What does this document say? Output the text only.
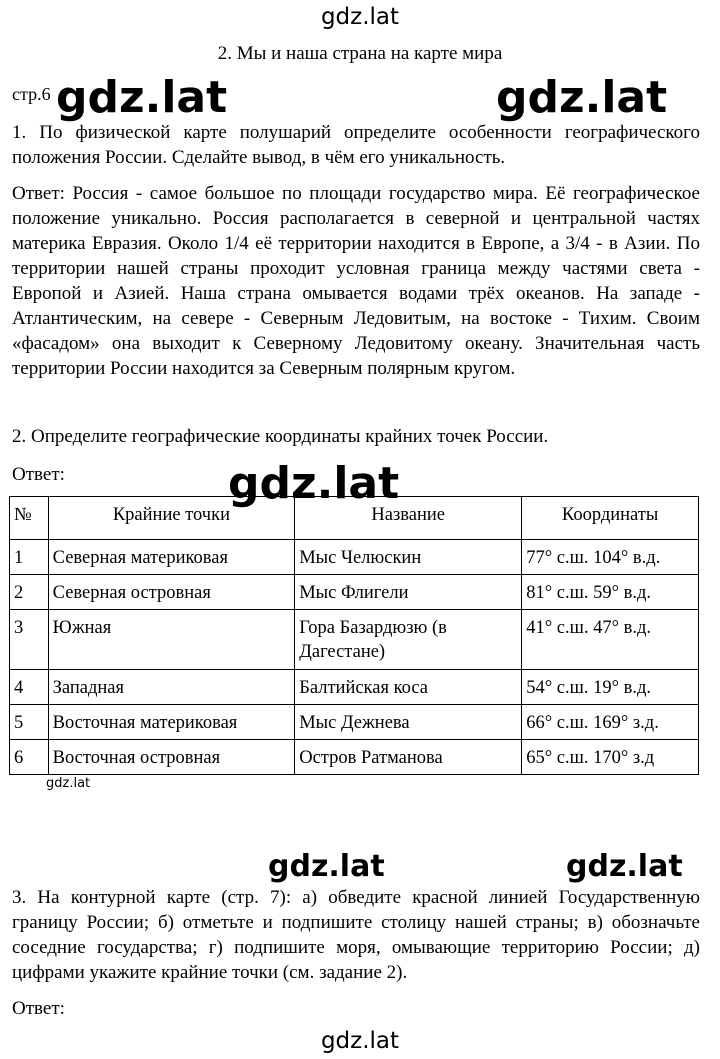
gdz.lat
2. Мы и наша страна на карте мира
стр.6 gdz.lat	gdz.lat
1. По физической карте полушарий определите особенности географического положения России. Сделайте вывод, в чём его уникальность.
Ответ: Россия - самое большое по площади государство мира. Её географическое положение уникально. Россия располагается в северной и центральной частях материка Евразия. Около 1/4 её территории находится в Европе, а 3/4 - в Азии. По территории нашей страны проходит условная граница между частями света - Европой и Азией. Наша страна омывается водами трёх океанов. На западе - Атлантическим, на севере - Северным Ледовитым, на востоке - Тихим. Своим «фасадом» она выходит к Северному Ледовитому океану. Значительная часть территории России находится за Северным полярным кругом.
2. Определите географические координаты крайних точек России.
Ответ:
№	Крайние точки	Название	Координаты
1	Северная материковая	Мыс Челюскин	77° с.ш. 104° в.д.
2	Северная островная	Мыс Флигели	81° с.ш. 59° в.д.
3	Южная	Гора Базардюзю (в Дагестане)	41° с.ш. 47° в.д.
4	Западная	Балтийская коса	54° с.ш. 19° в.д.
5	Восточная материковая	Мыс Дежнева	66° с.ш. 169° з.д.
6	Восточная островная	Остров Ратманова	65° с.ш. 170° з.д
gdz.lat
gdz.lat
gdz.lat	gdz.lat
3. На контурной карте (стр. 7): а) обведите красной линией Государственную границу России; б) отметьте и подпишите столицу нашей страны; в) обозначьте соседние государства; г) подпишите моря, омывающие территорию России; д) цифрами укажите крайние точки (см. задание 2).
Ответ:
gdz.lat
